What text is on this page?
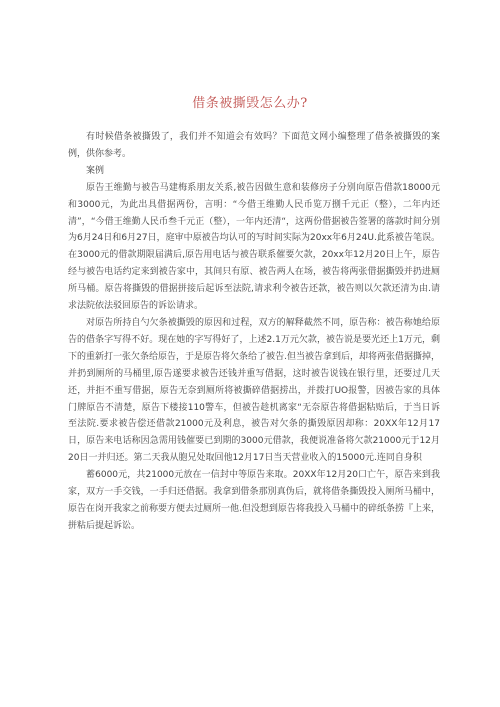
借条被撕毁怎么办?

有时候借条被撕毁了，我们并不知道会有效吗？下面范文网小编整理了借条被撕毁的案例，供你参考。

案例

原告王维勤与被告马建梅系朋友关系,被告因做生意和装修房子分别向原告借款18000元和3000元，为此出具借据两份，言明：“今借王维勤人民币览万捌千元正（整），二年内还清”，“今借王维勤人民币叁千元正（整），一年内还清“，这两份借据被告签署的落款时间分别为6月24日和6月27日，庭审中原被告均认可的写时间实际为20xx年6月24U.此系被告笔误。在3000元的借款期限届满后,原告用电话与被告联系催要欠款，20xx年12月20日上午，原告经与被告电话约定来到被告家中，其间只有原、被告两人在场，被告将两张借据撕毁并扔进厕所马桶。原告将撕毁的借据拼接后起诉至法院,请求利令被告还款，被告则以欠款还清为由.请求法院依法驳回原告的诉讼请求。

对原告所持自勺欠条被撕毁的原因和过程，双方的解释截然不同，原告称：被告称她给原告的借条字写得不好。现在她的字写得好了，上述2.1万元欠款，被告说是要光还上1万元，剩下的重新打一张欠条给原告，于是原告将欠条给了被告.但当被告拿到后，却将两张借据撕掉，并扔到厕所的马桶里,原告遂要求被告还钱并重写借据，这时被告说钱在银行里，还要过几天还，并拒不重写借据，原告无奈到厕所将被撕碎借据捞出，并拨打UO报警，因被告家的具体门牌原告不清楚，原告下楼接110警车，但被告趁机离家“无奈原告将借据粘贴后，于当日诉至法院.要求被告偿还借款21000元及利息，被告对欠条的撕毁原因却称：20XX年12月17日，原告来电话称因急需用钱催要已到期的3000元借款，我便说准备将欠款21000元于12月20日一并归还。第二天我从胞兄处取回他12月17日当天营业收入的15000元.连同自身积

蓄6000元，共21000元放在一信封中等原告来取。20XX年12月20口亡午，原告来到我家，双方一手交钱，一手归还借据。我拿到借条那別真伪后，就将借条撕毁投入厕所马桶中，原告在岗开我家之前称要方便去过厕所一他.但没想到原告将我投入马桶中的碎纸条捞『上来，拼粘后提起诉讼。
